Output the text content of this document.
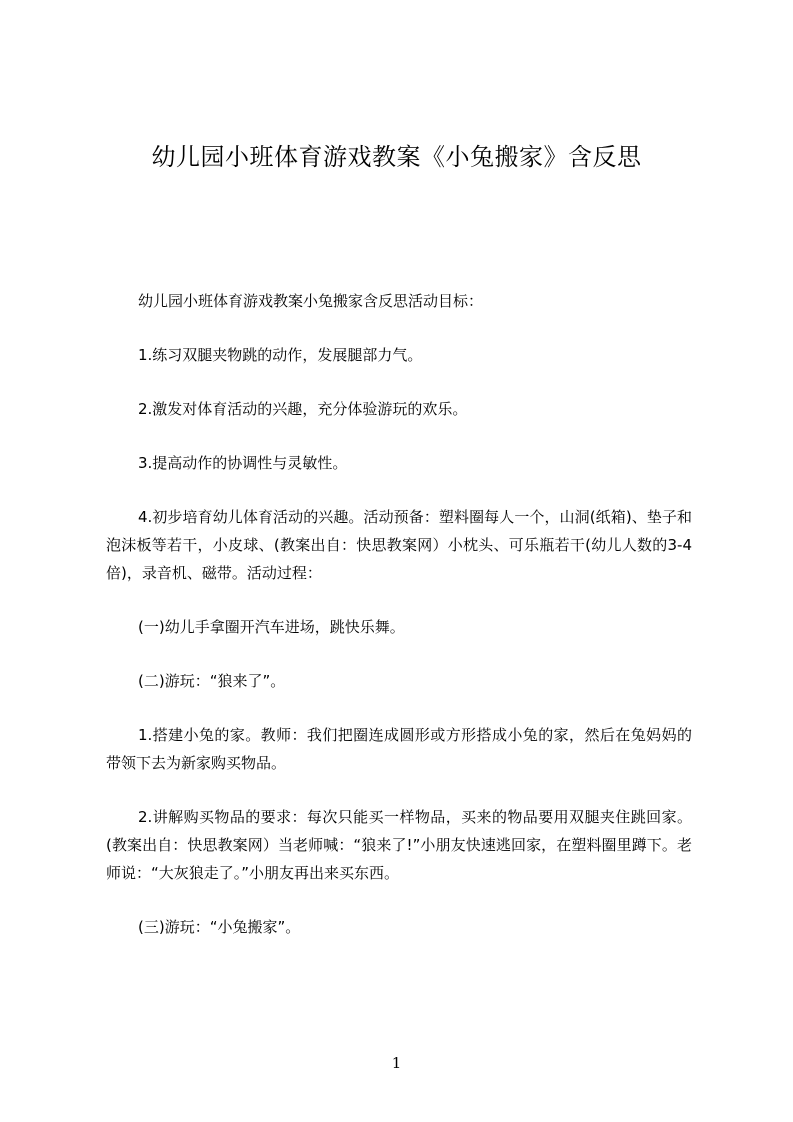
幼儿园小班体育游戏教案《小兔搬家》含反思

幼儿园小班体育游戏教案小兔搬家含反思活动目标：

1.练习双腿夹物跳的动作，发展腿部力气。

2.激发对体育活动的兴趣，充分体验游玩的欢乐。

3.提高动作的协调性与灵敏性。

4.初步培育幼儿体育活动的兴趣。活动预备：塑料圈每人一个，山洞(纸箱)、垫子和泡沫板等若干，小皮球、(教案出自：快思教案网）小枕头、可乐瓶若干(幼儿人数的3-4倍)，录音机、磁带。活动过程：

(一)幼儿手拿圈开汽车进场，跳快乐舞。

(二)游玩：“狼来了”。

1.搭建小兔的家。教师：我们把圈连成圆形或方形搭成小兔的家，然后在兔妈妈的带领下去为新家购买物品。

2.讲解购买物品的要求：每次只能买一样物品，买来的物品要用双腿夹住跳回家。(教案出自：快思教案网）当老师喊：“狼来了!”小朋友快速逃回家，在塑料圈里蹲下。老师说：“大灰狼走了。”小朋友再出来买东西。

(三)游玩：“小兔搬家”。

1
